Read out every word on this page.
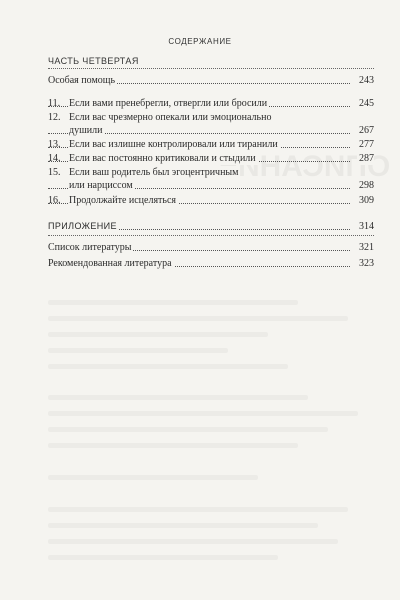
СОДЕРЖАНИЕ
ЧАСТЬ ЧЕТВЕРТАЯ
Особая помощь	243
11. Если вами пренебрегли, отвергли или бросили	245
12. Если вас чрезмерно опекали или эмоционально
душили	267
13. Если вас излишне контролировали или тиранили	277
14. Если вас постоянно критиковали и стыдили	287
15. Если ваш родитель был эгоцентричным
или нарциссом	298
16. Продолжайте исцеляться	309
ПРИЛОЖЕНИЕ	314
Список литературы	321
Рекомендованная литература	323
